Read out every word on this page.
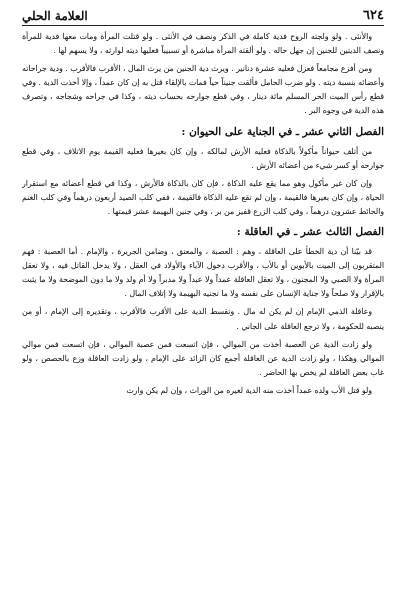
٦٢٤
العلامة الحلي

والأنثى . ولو ولجته الروح فدية كاملة في الذكر ونصف في الأنثى . ولو قتلت المرأة ومات معها فدية للمرأة ونصف الديتين للجنين إن جهل حاله . ولو ألقته المرأة مباشرة أو تسبيباً فعليها ديته لوارثه ، ولا يسهم لها .

ومن أفزع مجامعاً فعزل فعليه عشرة دنانير . ويرث دية الجنين من يرث المال ، الأقرب فالأقرب . ودية جراحاته وأعضائه بنسبة ديته . ولو ضرب الحامل فألقت جنيناً حياً فمات بالإلقاء قتل به إن كان عمداً ، وإلا أخذت الدية . وفي قطع رأس الميت الحر المسلم مائة دينار ، وفي قطع جوارحه بحساب ديته ، وكذا في جراحه وشجاجه ، وتصرف هذه الدية في وجوه البر .

الفصل الثاني عشر ـ في الجناية على الحيوان :

من أتلف حيواناً مأكولاً بالذكاة فعليه الأرش لمالكه ، وإن كان بغيرها فعليه القيمة يوم الاتلاف ، وفي قطع جوارحه أو كسر شيء من أعضائه الأرش .

وإن كان غير مأكول وهو مما يقع عليه الذكاة ، فإن كان بالذكاة فالأرش ، وكذا في قطع أعضائه مع استقرار الحياة ، وإن كان بغيرها فالقيمة ، وإن لم تقع عليه الذكاة فالقيمة ، ففي كلب الصيد أربعون درهماً وفي كلب الغنم والحائط عشرون درهماً ، وفي كلب الزرع قفيز من بر ، وفي جنين البهيمة عشر قيمتها .

الفصل الثالث عشر ـ في العاقلة :

قد بيّنا أن دية الخطأ على العاقلة ، وهم : العصبة ، والمعتق ، وضامن الجريرة ، والإمام . أما العصبة : فهم المتقربون إلى الميت بالأبوين أو بالأب ، والأقرب دخول الآباء والأولاد في العقل ، ولا يدخل القاتل فيه ، ولا تعقل المرأة ولا الصبي ولا المجنون ، ولا تعقل العاقلة عمداً ولا عبداً ولا مدبراً ولا أم ولد ولا ما دون الموضحة ولا ما يثبت بالإقرار ولا صلحاً ولا جناية الإنسان على نفسه ولا ما تجنيه البهيمة ولا إتلاف المال .

وعاقلة الذمي الإمام إن لم يكن له مال . وتقسط الدية على الأقرب فالأقرب ، وتقديره إلى الإمام ، أو من ينصبه للحكومة ، ولا ترجع العاقلة على الجاني .

ولو زادت الدية عن العصبة أخذت من الموالي ، فإن اتسعت فمن عصبة الموالي ، فإن اتسعت فمن موالي الموالي وهكذا ، ولو زادت الدية عن العاقلة أجمع كان الزائد على الإمام ، ولو زادت العاقلة وزع بالحصص ، ولو غاب بعض العاقلة لم يخص بها الحاضر .

ولو قتل الأب ولده عمداً أخذت منه الدية لغيره من الوراث ، وإن لم يكن وارث
